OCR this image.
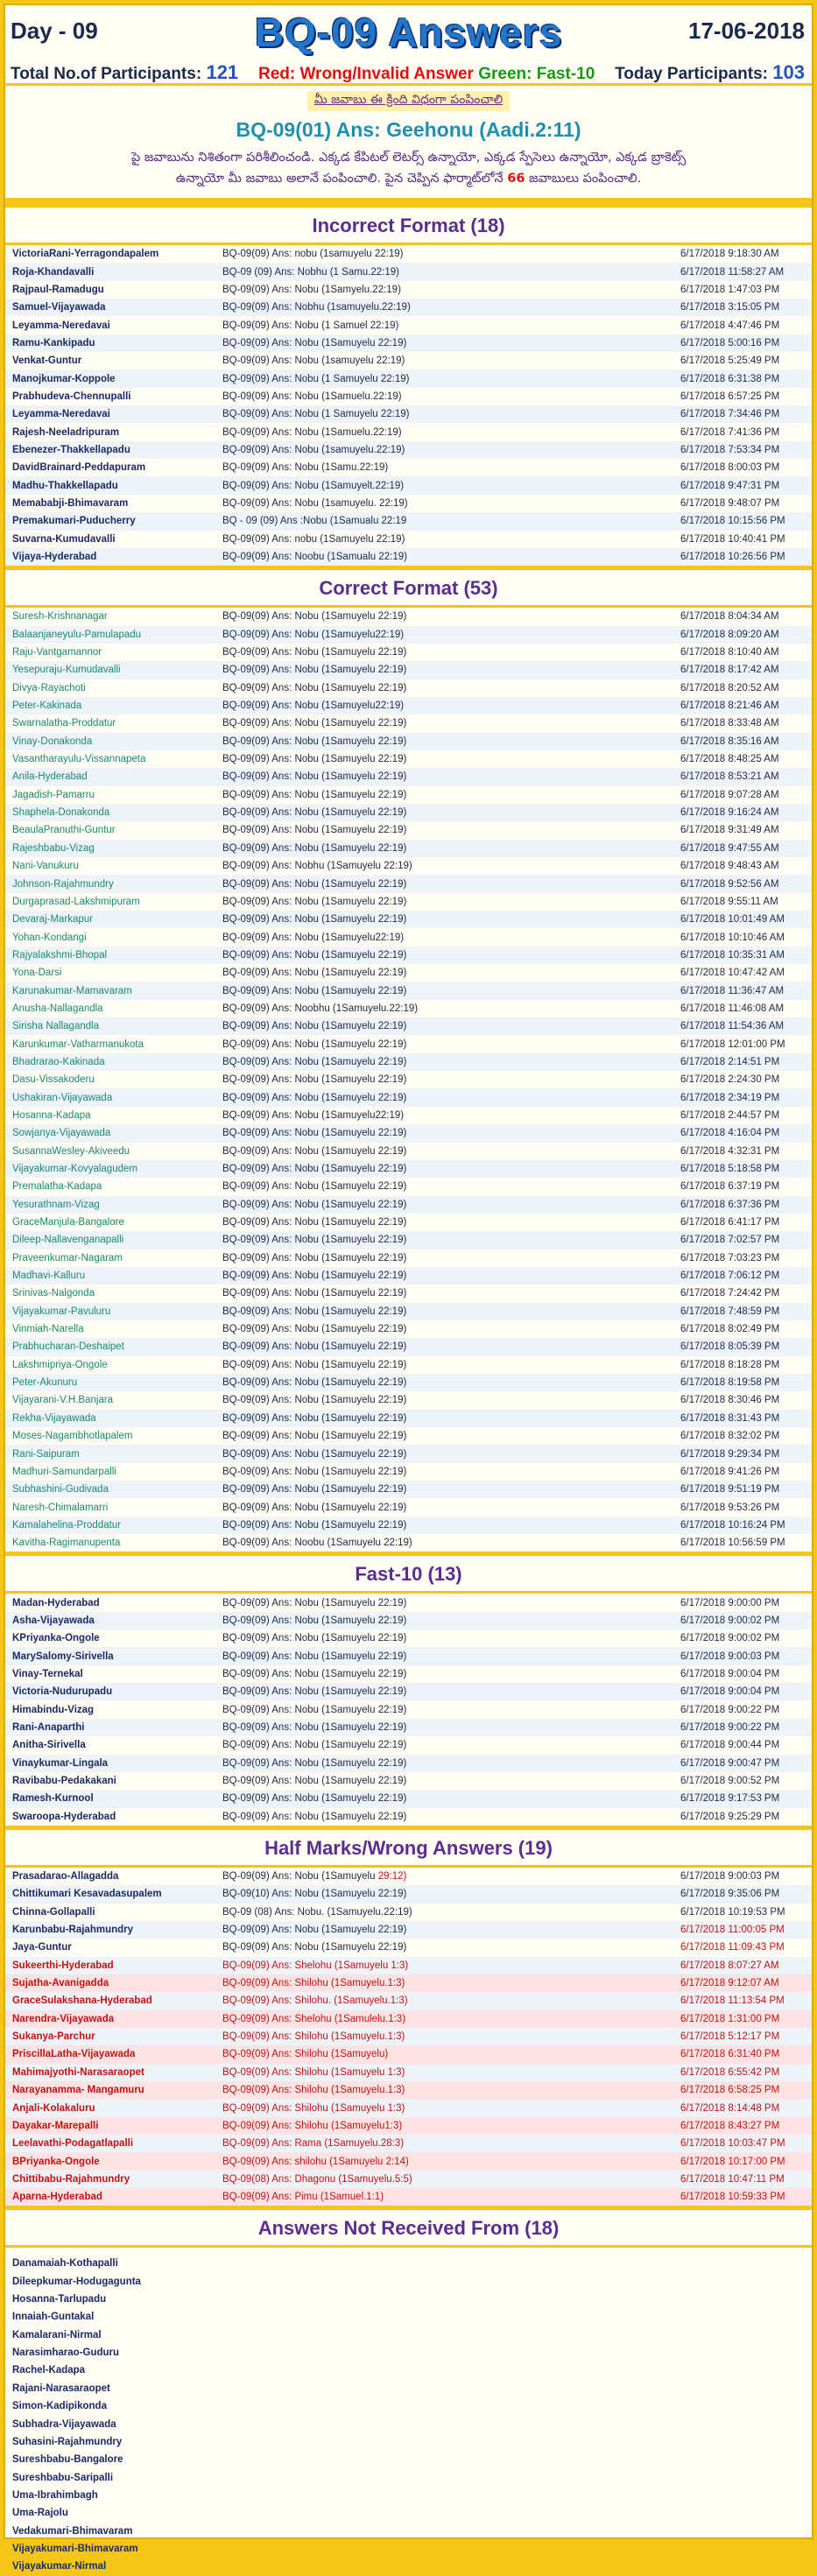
Day - 09	BQ-09 Answers	17-06-2018
Total No.of Participants: 121 Red: Wrong/Invalid Answer Green: Fast-10 Today Participants: 103
మీ జవాబు ఈ క్రింది విధంగా పంపించాలి
BQ-09(01) Ans: Geehonu (Aadi.2:11)
పై జవాబును నిశితంగా పరిశీలించండి. ఎక్కడ కేపిటల్ లెటర్స్ ఉన్నాయో, ఎక్కడ స్పేసెలు ఉన్నాయో, ఎక్కడ బ్రాకెట్స్
ఉన్నాయో మీ జవాబు అలానే పంపించాలి. పైన చెప్పిన ఫార్మాట్‌లోనే 66 జవాబులు పంపించాలి.
Incorrect Format (18)
VictoriaRani-Yerragondapalem	BQ-09(09) Ans: nobu (1samuyelu 22:19)	6/17/2018 9:18:30 AM
Roja-Khandavalli	BQ-09 (09) Ans: Nobhu (1 Samu.22:19)	6/17/2018 11:58:27 AM
Rajpaul-Ramadugu	BQ-09(09) Ans: Nobu (1Samyelu.22:19)	6/17/2018 1:47:03 PM
Samuel-Vijayawada	BQ-09(09) Ans: Nobhu (1samuyelu.22:19)	6/17/2018 3:15:05 PM
Leyamma-Neredavai	BQ-09(09) Ans: Nobu (1 Samuel 22:19)	6/17/2018 4:47:46 PM
Ramu-Kankipadu	BQ-09(09) Ans: Nobu (1Samuyelu 22:19)	6/17/2018 5:00:16 PM
Venkat-Guntur	BQ-09(09) Ans: Nobu (1samuyelu 22:19)	6/17/2018 5:25:49 PM
Manojkumar-Koppole	BQ-09(09) Ans: Nobu (1 Samuyelu 22:19)	6/17/2018 6:31:38 PM
Prabhudeva-Chennupalli	BQ-09(09) Ans: Nobu (1Samuelu.22:19)	6/17/2018 6:57:25 PM
Leyamma-Neredavai	BQ-09(09) Ans: Nobu (1 Samuyelu 22:19)	6/17/2018 7:34:46 PM
Rajesh-Neeladripuram	BQ-09(09) Ans: Nobu (1Samuelu.22:19)	6/17/2018 7:41:36 PM
Ebenezer-Thakkellapadu	BQ-09(09) Ans: Nobu (1samuyelu.22:19)	6/17/2018 7:53:34 PM
DavidBrainard-Peddapuram	BQ-09(09) Ans: Nobu (1Samu.22:19)	6/17/2018 8:00:03 PM
Madhu-Thakkellapadu	BQ-09(09) Ans: Nobu (1Samuyelt.22:19)	6/17/2018 9:47:31 PM
Memababji-Bhimavaram	BQ-09(09) Ans: Nobu (1samuyelu. 22:19)	6/17/2018 9:48:07 PM
Premakumari-Puducherry	BQ - 09 (09) Ans :Nobu (1Samualu 22:19	6/17/2018 10:15:56 PM
Suvarna-Kumudavalli	BQ-09(09) Ans: nobu (1Samuyelu 22:19)	6/17/2018 10:40:41 PM
Vijaya-Hyderabad	BQ-09(09) Ans: Noobu (1Samualu 22:19)	6/17/2018 10:26:56 PM
Correct Format (53)
Suresh-Krishnanagar	BQ-09(09) Ans: Nobu (1Samuyelu 22:19)	6/17/2018 8:04:34 AM
Balaanjaneyulu-Pamulapadu	BQ-09(09) Ans: Nobu (1Samuyelu22:19)	6/17/2018 8:09:20 AM
Raju-Vantgamannor	BQ-09(09) Ans: Nobu (1Samuyelu 22:19)	6/17/2018 8:10:40 AM
Yesepuraju-Kumudavalli	BQ-09(09) Ans: Nobu (1Samuyelu 22:19)	6/17/2018 8:17:42 AM
Divya-Rayachoti	BQ-09(09) Ans: Nobu (1Samuyelu 22:19)	6/17/2018 8:20:52 AM
Peter-Kakinada	BQ-09(09) Ans: Nobu (1Samuyelu22:19)	6/17/2018 8:21:46 AM
Swarnalatha-Proddatur	BQ-09(09) Ans: Nobu (1Samuyelu 22:19)	6/17/2018 8:33:48 AM
Vinay-Donakonda	BQ-09(09) Ans: Nobu (1Samuyelu 22:19)	6/17/2018 8:35:16 AM
Vasantharayulu-Vissannapeta	BQ-09(09) Ans: Nobu (1Samuyelu 22:19)	6/17/2018 8:48:25 AM
Anila-Hyderabad	BQ-09(09) Ans: Nobu (1Samuyelu 22:19)	6/17/2018 8:53:21 AM
Jagadish-Pamarru	BQ-09(09) Ans: Nobu (1Samuyelu 22:19)	6/17/2018 9:07:28 AM
Shaphela-Donakonda	BQ-09(09) Ans: Nobu (1Samuyelu 22:19)	6/17/2018 9:16:24 AM
BeaulaPranuthi-Guntur	BQ-09(09) Ans: Nobu (1Samuyelu 22:19)	6/17/2018 9:31:49 AM
Rajeshbabu-Vizag	BQ-09(09) Ans: Nobu (1Samuyelu 22:19)	6/17/2018 9:47:55 AM
Nani-Vanukuru	BQ-09(09) Ans: Nobhu (1Samuyelu 22:19)	6/17/2018 9:48:43 AM
Johnson-Rajahmundry	BQ-09(09) Ans: Nobu (1Samuyelu 22:19)	6/17/2018 9:52:56 AM
Durgaprasad-Lakshmipuram	BQ-09(09) Ans: Nobu (1Samuyelu 22:19)	6/17/2018 9:55:11 AM
Devaraj-Markapur	BQ-09(09) Ans: Nobu (1Samuyelu 22:19)	6/17/2018 10:01:49 AM
Yohan-Kondangi	BQ-09(09) Ans: Nobu (1Samuyelu22:19)	6/17/2018 10:10:46 AM
Rajyalakshmi-Bhopal	BQ-09(09) Ans: Nobu (1Samuyelu 22:19)	6/17/2018 10:35:31 AM
Yona-Darsi	BQ-09(09) Ans: Nobu (1Samuyelu 22:19)	6/17/2018 10:47:42 AM
Karunakumar-Mamavaram	BQ-09(09) Ans: Nobu (1Samuyelu 22:19)	6/17/2018 11:36:47 AM
Anusha-Nallagandla	BQ-09(09) Ans: Noobhu (1Samuyelu.22:19)	6/17/2018 11:46:08 AM
Sirisha Nallagandla	BQ-09(09) Ans: Nobu (1Samuyelu 22:19)	6/17/2018 11:54:36 AM
Karunkumar-Vatharmanukota	BQ-09(09) Ans: Nobu (1Samuyelu 22:19)	6/17/2018 12:01:00 PM
Bhadrarao-Kakinada	BQ-09(09) Ans: Nobu (1Samuyelu 22:19)	6/17/2018 2:14:51 PM
Dasu-Vissakoderu	BQ-09(09) Ans: Nobu (1Samuyelu 22:19)	6/17/2018 2:24:30 PM
Ushakiran-Vijayawada	BQ-09(09) Ans: Nobu (1Samuyelu 22:19)	6/17/2018 2:34:19 PM
Hosanna-Kadapa	BQ-09(09) Ans: Nobu (1Samuyelu22:19)	6/17/2018 2:44:57 PM
Sowjanya-Vijayawada	BQ-09(09) Ans: Nobu (1Samuyelu 22:19)	6/17/2018 4:16:04 PM
SusannaWesley-Akiveedu	BQ-09(09) Ans: Nobu (1Samuyelu 22:19)	6/17/2018 4:32:31 PM
Vijayakumar-Kovyalagudem	BQ-09(09) Ans: Nobu (1Samuyelu 22:19)	6/17/2018 5:18:58 PM
Premalatha-Kadapa	BQ-09(09) Ans: Nobu (1Samuyelu 22:19)	6/17/2018 6:37:19 PM
Yesurathnam-Vizag	BQ-09(09) Ans: Nobu (1Samuyelu 22:19)	6/17/2018 6:37:36 PM
GraceManjula-Bangalore	BQ-09(09) Ans: Nobu (1Samuyelu 22:19)	6/17/2018 6:41:17 PM
Dileep-Nallavenganapalli	BQ-09(09) Ans: Nobu (1Samuyelu 22:19)	6/17/2018 7:02:57 PM
Praveenkumar-Nagaram	BQ-09(09) Ans: Nobu (1Samuyelu 22:19)	6/17/2018 7:03:23 PM
Madhavi-Kalluru	BQ-09(09) Ans: Nobu (1Samuyelu 22:19)	6/17/2018 7:06:12 PM
Srinivas-Nalgonda	BQ-09(09) Ans: Nobu (1Samuyelu 22:19)	6/17/2018 7:24:42 PM
Vijayakumar-Pavuluru	BQ-09(09) Ans: Nobu (1Samuyelu 22:19)	6/17/2018 7:48:59 PM
Vinmiah-Narella	BQ-09(09) Ans: Nobu (1Samuyelu 22:19)	6/17/2018 8:02:49 PM
Prabhucharan-Deshaipet	BQ-09(09) Ans: Nobu (1Samuyelu 22:19)	6/17/2018 8:05:39 PM
Lakshmipriya-Ongole	BQ-09(09) Ans: Nobu (1Samuyelu 22:19)	6/17/2018 8:18:28 PM
Peter-Akunuru	BQ-09(09) Ans: Nobu (1Samuyelu 22:19)	6/17/2018 8:19:58 PM
Vijayarani-V.H.Banjara	BQ-09(09) Ans: Nobu (1Samuyelu 22:19)	6/17/2018 8:30:46 PM
Rekha-Vijayawada	BQ-09(09) Ans: Nobu (1Samuyelu 22:19)	6/17/2018 8:31:43 PM
Moses-Nagambhotlapalem	BQ-09(09) Ans: Nobu (1Samuyelu 22:19)	6/17/2018 8:32:02 PM
Rani-Saipuram	BQ-09(09) Ans: Nobu (1Samuyelu 22:19)	6/17/2018 9:29:34 PM
Madhuri-Samundarpalli	BQ-09(09) Ans: Nobu (1Samuyelu 22:19)	6/17/2018 9:41:26 PM
Subhashini-Gudivada	BQ-09(09) Ans: Nobu (1Samuyelu 22:19)	6/17/2018 9:51:19 PM
Naresh-Chimalamarri	BQ-09(09) Ans: Nobu (1Samuyelu 22:19)	6/17/2018 9:53:26 PM
Kamalahelina-Proddatur	BQ-09(09) Ans: Nobu (1Samuyelu 22:19)	6/17/2018 10:16:24 PM
Kavitha-Ragimanupenta	BQ-09(09) Ans: Noobu (1Samuyelu 22:19)	6/17/2018 10:56:59 PM
Fast-10 (13)
Madan-Hyderabad	BQ-09(09) Ans: Nobu (1Samuyelu 22:19)	6/17/2018 9:00:00 PM
Asha-Vijayawada	BQ-09(09) Ans: Nobu (1Samuyelu 22:19)	6/17/2018 9:00:02 PM
KPriyanka-Ongole	BQ-09(09) Ans: Nobu (1Samuyelu 22:19)	6/17/2018 9:00:02 PM
MarySalomy-Sirivella	BQ-09(09) Ans: Nobu (1Samuyelu 22:19)	6/17/2018 9:00:03 PM
Vinay-Ternekal	BQ-09(09) Ans: Nobu (1Samuyelu 22:19)	6/17/2018 9:00:04 PM
Victoria-Nudurupadu	BQ-09(09) Ans: Nobu (1Samuyelu 22:19)	6/17/2018 9:00:04 PM
Himabindu-Vizag	BQ-09(09) Ans: Nobu (1Samuyelu 22:19)	6/17/2018 9:00:22 PM
Rani-Anaparthi	BQ-09(09) Ans: Nobu (1Samuyelu 22:19)	6/17/2018 9:00:22 PM
Anitha-Sirivella	BQ-09(09) Ans: Nobu (1Samuyelu 22:19)	6/17/2018 9:00:44 PM
Vinaykumar-Lingala	BQ-09(09) Ans: Nobu (1Samuyelu 22:19)	6/17/2018 9:00:47 PM
Ravibabu-Pedakakani	BQ-09(09) Ans: Nobu (1Samuyelu 22:19)	6/17/2018 9:00:52 PM
Ramesh-Kurnool	BQ-09(09) Ans: Nobu (1Samuyelu 22:19)	6/17/2018 9:17:53 PM
Swaroopa-Hyderabad	BQ-09(09) Ans: Nobu (1Samuyelu 22:19)	6/17/2018 9:25:29 PM
Half Marks/Wrong Answers (19)
Prasadarao-Allagadda	BQ-09(09) Ans: Nobu (1Samuyelu 29:12)	6/17/2018 9:00:03 PM
Chittikumari Kesavadasupalem	BQ-09(10) Ans: Nobu (1Samuyelu 22:19)	6/17/2018 9:35:06 PM
Chinna-Gollapalli	BQ-09 (08) Ans: Nobu. (1Samuyelu.22:19)	6/17/2018 10:19:53 PM
Karunbabu-Rajahmundry	BQ-09(09) Ans: Nobu (1Samuyelu 22:19)	6/17/2018 11:00:05 PM
Jaya-Guntur	BQ-09(09) Ans: Nobu (1Samuyelu 22:19)	6/17/2018 11:09:43 PM
Sukeerthi-Hyderabad	BQ-09(09) Ans: Shelohu (1Samuyelu 1:3)	6/17/2018 8:07:27 AM
Sujatha-Avanigadda	BQ-09(09) Ans: Shilohu (1Samuyelu.1:3)	6/17/2018 9:12:07 AM
GraceSulakshana-Hyderabad	BQ-09(09) Ans: Shilohu. (1Samuyelu.1:3)	6/17/2018 11:13:54 PM
Narendra-Vijayawada	BQ-09(09) Ans: Shelohu (1Samulelu.1:3)	6/17/2018 1:31:00 PM
Sukanya-Parchur	BQ-09(09) Ans: Shilohu (1Samuyelu.1:3)	6/17/2018 5:12:17 PM
PriscillaLatha-Vijayawada	BQ-09(09) Ans: Shilohu (1Samuyelu)	6/17/2018 6:31:40 PM
Mahimajyothi-Narasaraopet	BQ-09(09) Ans: Shilohu (1Samuyelu 1:3)	6/17/2018 6:55:42 PM
Narayanamma- Mangamuru	BQ-09(09) Ans: Shilohu (1Samuyelu.1:3)	6/17/2018 6:58:25 PM
Anjali-Kolakaluru	BQ-09(09) Ans: Shilohu (1Samuyelu 1:3)	6/17/2018 8:14:48 PM
Dayakar-Marepalli	BQ-09(09) Ans: Shilohu (1Samuyelu1:3)	6/17/2018 8:43:27 PM
Leelavathi-Podagatlapalli	BQ-09(09) Ans: Rama (1Samuyelu.28:3)	6/17/2018 10:03:47 PM
BPriyanka-Ongole	BQ-09(09) Ans: shilohu (1Samuyelu 2:14)	6/17/2018 10:17:00 PM
Chittibabu-Rajahmundry	BQ-09(08) Ans: Dhagonu (1Samuyelu.5:5)	6/17/2018 10:47:11 PM
Aparna-Hyderabad	BQ-09(09) Ans: Pimu (1Samuel.1:1)	6/17/2018 10:59:33 PM
Answers Not Received From (18)
Danamaiah-Kothapalli
Dileepkumar-Hodugagunta
Hosanna-Tarlupadu
Innaiah-Guntakal
Kamalarani-Nirmal
Narasimharao-Guduru
Rachel-Kadapa
Rajani-Narasaraopet
Simon-Kadipikonda
Subhadra-Vijayawada
Suhasini-Rajahmundry
Sureshbabu-Bangalore
Sureshbabu-Saripalli
Uma-Ibrahimbagh
Uma-Rajolu
Vedakumari-Bhimavaram
Vijayakumari-Bhimavaram
Vijayakumar-Nirmal
